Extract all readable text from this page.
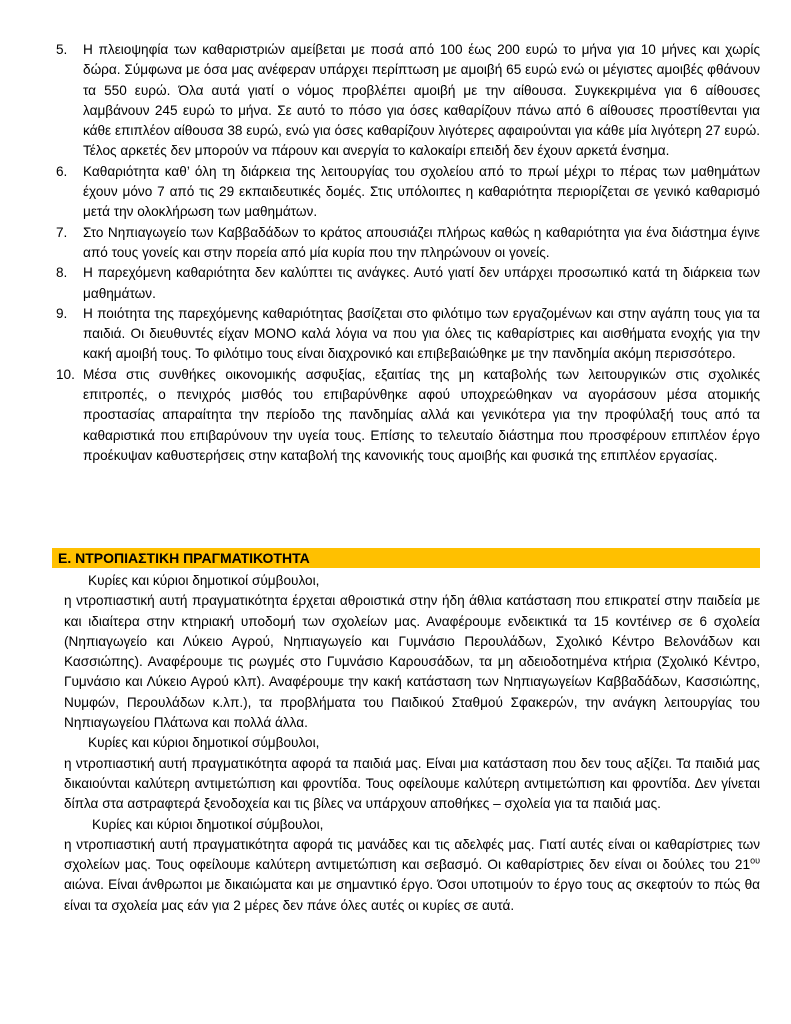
5.	Η πλειοψηφία των καθαριστριών αμείβεται με ποσά από 100 έως 200 ευρώ το μήνα για 10 μήνες και χωρίς δώρα. Σύμφωνα με όσα μας ανέφεραν υπάρχει περίπτωση με αμοιβή 65 ευρώ ενώ οι μέγιστες αμοιβές φθάνουν τα 550 ευρώ. Όλα αυτά γιατί ο νόμος προβλέπει αμοιβή με την αίθουσα. Συγκεκριμένα για 6 αίθουσες λαμβάνουν 245 ευρώ το μήνα. Σε αυτό το πόσο για όσες καθαρίζουν πάνω από 6 αίθουσες προστίθενται για κάθε επιπλέον αίθουσα 38 ευρώ, ενώ για όσες καθαρίζουν λιγότερες αφαιρούνται για κάθε μία λιγότερη 27 ευρώ. Τέλος αρκετές δεν μπορούν να πάρουν και ανεργία το καλοκαίρι επειδή δεν έχουν αρκετά ένσημα.
6.	Καθαριότητα καθ’ όλη τη διάρκεια της λειτουργίας του σχολείου από το πρωί μέχρι το πέρας των μαθημάτων έχουν μόνο 7 από τις 29 εκπαιδευτικές δομές. Στις υπόλοιπες η καθαριότητα περιορίζεται σε γενικό καθαρισμό μετά την ολοκλήρωση των μαθημάτων.
7.	Στο Νηπιαγωγείο των Καββαδάδων το κράτος απουσιάζει πλήρως καθώς η καθαριότητα για ένα διάστημα έγινε από τους γονείς και στην πορεία από μία κυρία που την πληρώνουν οι γονείς.
8.	Η παρεχόμενη καθαριότητα δεν καλύπτει τις ανάγκες. Αυτό γιατί δεν υπάρχει προσωπικό κατά τη διάρκεια των μαθημάτων.
9.	Η ποιότητα της παρεχόμενης καθαριότητας βασίζεται στο φιλότιμο των εργαζομένων και στην αγάπη τους για τα παιδιά. Οι διευθυντές είχαν ΜΟΝΟ καλά λόγια να που για όλες τις καθαρίστριες και αισθήματα ενοχής για την κακή αμοιβή τους. Το φιλότιμο τους είναι διαχρονικό και επιβεβαιώθηκε με την πανδημία ακόμη περισσότερο.
10. Μέσα στις συνθήκες οικονομικής ασφυξίας, εξαιτίας της μη καταβολής των λειτουργικών στις σχολικές επιτροπές, ο πενιχρός μισθός του επιβαρύνθηκε αφού υποχρεώθηκαν να αγοράσουν μέσα ατομικής προστασίας απαραίτητα την περίοδο της πανδημίας αλλά και γενικότερα για την προφύλαξή τους από τα καθαριστικά που επιβαρύνουν την υγεία τους. Επίσης το τελευταίο διάστημα που προσφέρουν επιπλέον έργο προέκυψαν καθυστερήσεις στην καταβολή της κανονικής τους αμοιβής και φυσικά της επιπλέον εργασίας.
Ε. ΝΤΡΟΠΙΑΣΤΙΚΗ ΠΡΑΓΜΑΤΙΚΟΤΗΤΑ

Κυρίες και κύριοι δημοτικοί σύμβουλοι,

η ντροπιαστική αυτή πραγματικότητα έρχεται αθροιστικά στην ήδη άθλια κατάσταση που επικρατεί στην παιδεία με και ιδιαίτερα στην κτηριακή υποδομή των σχολείων μας. Αναφέρουμε ενδεικτικά τα 15 κοντέινερ σε 6 σχολεία (Νηπιαγωγείο και Λύκειο Αγρού, Νηπιαγωγείο και Γυμνάσιο Περουλάδων, Σχολικό Κέντρο Βελονάδων και Κασσιώπης). Αναφέρουμε τις ρωγμές στο Γυμνάσιο Καρουσάδων, τα μη αδειοδοτημένα κτήρια (Σχολικό Κέντρο, Γυμνάσιο και Λύκειο Αγρού κλπ). Αναφέρουμε την κακή κατάσταση των Νηπιαγωγείων Καββαδάδων, Κασσιώπης, Νυμφών, Περουλάδων κ.λπ.), τα προβλήματα του Παιδικού Σταθμού Σφακερών, την ανάγκη λειτουργίας του Νηπιαγωγείου Πλάτωνα και πολλά άλλα.

Κυρίες και κύριοι δημοτικοί σύμβουλοι,

η ντροπιαστική αυτή πραγματικότητα αφορά τα παιδιά μας. Είναι μια κατάσταση που δεν τους αξίζει. Τα παιδιά μας δικαιούνται καλύτερη αντιμετώπιση και φροντίδα. Τους οφείλουμε καλύτερη αντιμετώπιση και φροντίδα. Δεν γίνεται δίπλα στα αστραφτερά ξενοδοχεία και τις βίλες να υπάρχουν αποθήκες – σχολεία για τα παιδιά μας.

Κυρίες και κύριοι δημοτικοί σύμβουλοι,

η ντροπιαστική αυτή πραγματικότητα αφορά τις μανάδες και τις αδελφές μας. Γιατί αυτές είναι οι καθαρίστριες των σχολείων μας. Τους οφείλουμε καλύτερη αντιμετώπιση και σεβασμό. Οι καθαρίστριες δεν είναι οι δούλες του $21^{o\upsilon}$ αιώνα. Είναι άνθρωποι με δικαιώματα και με σημαντικό έργο. Όσοι υποτιμούν το έργο τους ας σκεφτούν το πώς θα είναι τα σχολεία μας εάν για 2 μέρες δεν πάνε όλες αυτές οι κυρίες σε αυτά.
